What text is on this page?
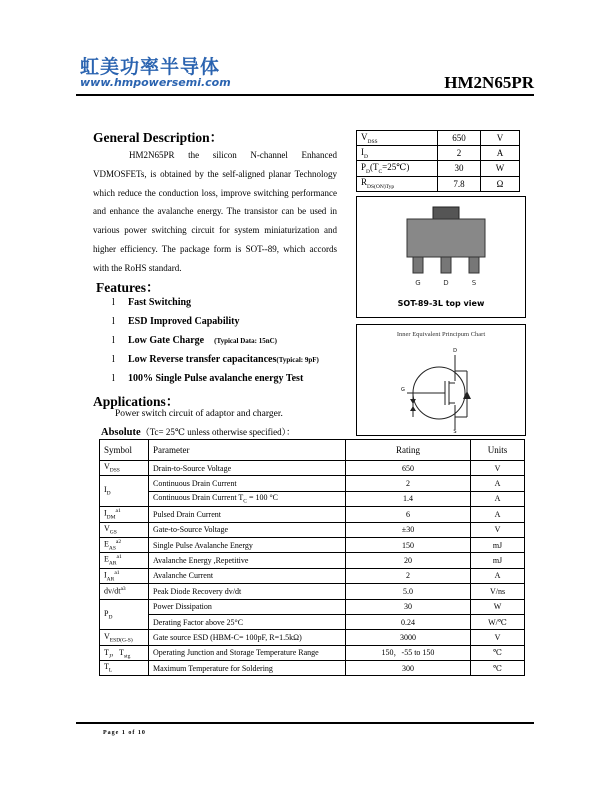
虹美功率半导体
www.hmpowersemi.com	HM2N65PR
General Description：

HM2N65PR the silicon N-channel Enhanced VDMOSFETs, is obtained by the self-aligned planar Technology which reduce the conduction loss, improve switching performance and enhance the avalanche energy. The transistor can be used in various power switching circuit for system miniaturization and higher efficiency. The package form is SOT--89, which accords with the RoHS standard.

$V_{DSS}$	650	V
$I_D$	2	A
$P_D(T_C=25℃)$	30	W
$R_{DS(ON)Typ}$	7.8	Ω
G	D	S
SOT-89-3L top view
Inner Equivalent Principum Chart
D
G
S
Features：
l Fast Switching
l ESD Improved Capability
l Low Gate Charge (Typical Data: 15nC)
l Low Reverse transfer capacitances(Typical: 9pF)
l 100% Single Pulse avalanche energy Test
Applications：
Power switch circuit of adaptor and charger.
Absolute（Tc= 25℃ unless otherwise specified）：
Symbol	Parameter	Rating	Units
$V_{DSS}$	Drain-to-Source Voltage	650	V
$I_D$	Continuous Drain Current	2	A
	Continuous Drain Current $T_C = 100$ °C	1.4	A
$I_{DM}^{a1}$	Pulsed Drain Current	6	A
$V_{GS}$	Gate-to-Source Voltage	±30	V
$E_{AS}^{a2}$	Single Pulse Avalanche Energy	150	mJ
$E_{AR}^{a1}$	Avalanche Energy ,Repetitive	20	mJ
$I_{AR}^{a1}$	Avalanche Current	2	A
$dv/dt^{a3}$	Peak Diode Recovery dv/dt	5.0	V/ns
$P_D$	Power Dissipation	30	W
	Derating Factor above 25°C	0.24	W/℃
$V_{ESD(G-S)}$	Gate source ESD (HBM-C= 100pF, R=1.5kΩ)	3000	V
$T_J$，$T_{stg}$	Operating Junction and Storage Temperature Range	150，-55 to 150	℃
$T_L$	Maximum Temperature for Soldering	300	℃
Page 1 of 10
